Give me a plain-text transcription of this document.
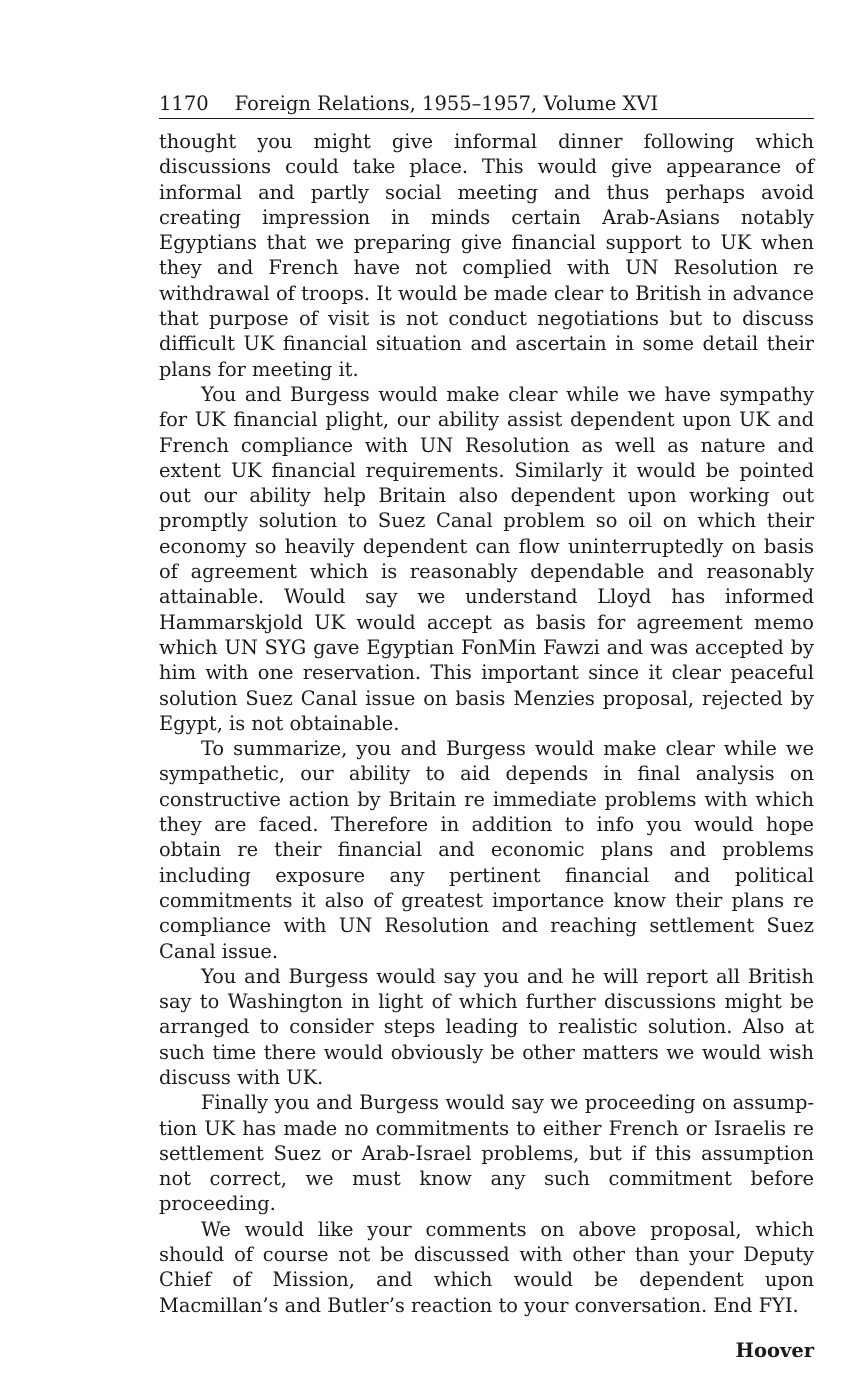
1170 Foreign Relations, 1955–1957, Volume XVI

thought you might give informal dinner following which discussions could take place. This would give appearance of informal and partly social meeting and thus perhaps avoid creating impression in minds certain Arab-Asians notably Egyptians that we preparing give financial support to UK when they and French have not complied with UN Resolution re withdrawal of troops. It would be made clear to British in advance that purpose of visit is not conduct negotiations but to discuss difficult UK financial situation and ascertain in some detail their plans for meeting it.

You and Burgess would make clear while we have sympathy for UK financial plight, our ability assist dependent upon UK and French compliance with UN Resolution as well as nature and extent UK financial requirements. Similarly it would be pointed out our ability help Britain also dependent upon working out promptly solution to Suez Canal problem so oil on which their economy so heavily dependent can flow uninterruptedly on basis of agreement which is reasonably dependable and reasonably attainable. Would say we understand Lloyd has informed Hammarskjold UK would accept as basis for agreement memo which UN SYG gave Egyptian FonMin Fawzi and was accepted by him with one reservation. This important since it clear peaceful solution Suez Canal issue on basis Menzies proposal, rejected by Egypt, is not obtainable.

To summarize, you and Burgess would make clear while we sympathetic, our ability to aid depends in final analysis on constructive action by Britain re immediate problems with which they are faced. Therefore in addition to info you would hope obtain re their financial and economic plans and problems including exposure any pertinent financial and political commitments it also of greatest importance know their plans re compliance with UN Resolution and reaching settlement Suez Canal issue.

You and Burgess would say you and he will report all British say to Washington in light of which further discussions might be arranged to consider steps leading to realistic solution. Also at such time there would obviously be other matters we would wish discuss with UK.

Finally you and Burgess would say we proceeding on assumption UK has made no commitments to either French or Israelis re settlement Suez or Arab-Israel problems, but if this assumption not correct, we must know any such commitment before proceeding.

We would like your comments on above proposal, which should of course not be discussed with other than your Deputy Chief of Mission, and which would be dependent upon Macmillan’s and Butler’s reaction to your conversation. End FYI.

Hoover
